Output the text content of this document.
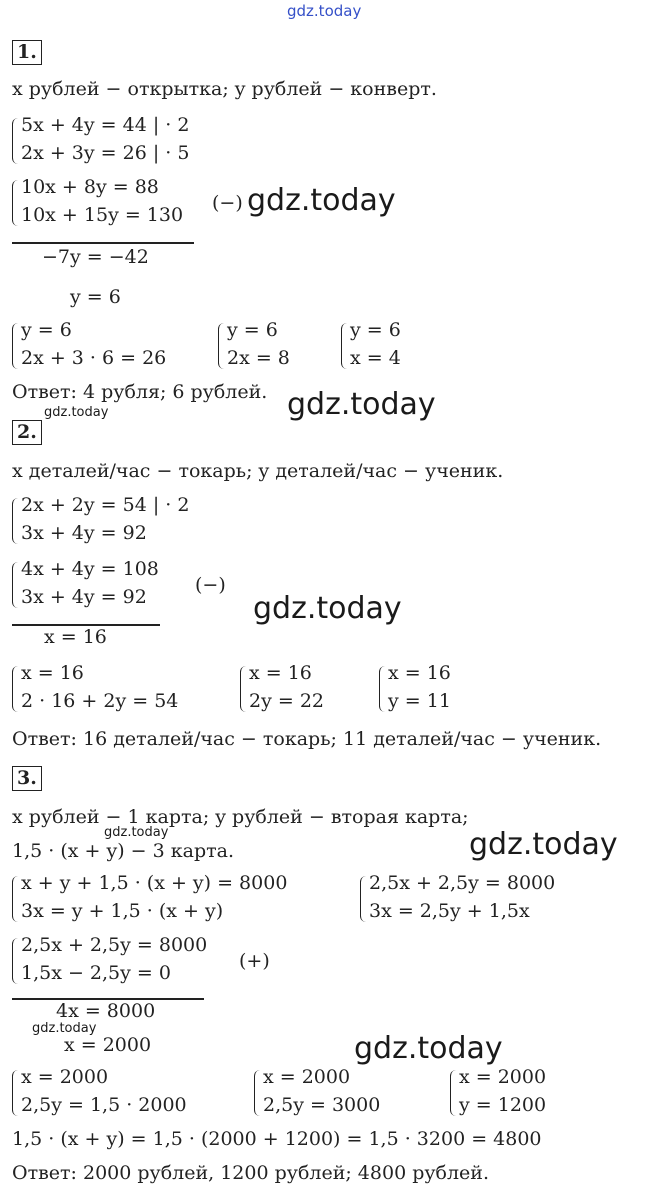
gdz.today
1.
x рублей − открытка; y рублей − конверт.
5x + 4y = 44 | · 2
2x + 3y = 26 | · 5
10x + 8y = 88
10x + 15y = 130
(−) gdz.today
−7y = −42
y = 6
y = 6
2x + 3 · 6 = 26
y = 6
2x = 8
y = 6
x = 4
Ответ: 4 рубля; 6 рублей. gdz.today
gdz.today
2.
x деталей/час − токарь; y деталей/час − ученик.
2x + 2y = 54 | · 2
3x + 4y = 92
4x + 4y = 108
3x + 4y = 92
(−)
gdz.today
x = 16
x = 16
2 · 16 + 2y = 54
x = 16
2y = 22
x = 16
y = 11
Ответ: 16 деталей/час − токарь; 11 деталей/час − ученик.
3.
x рублей − 1 карта; y рублей − вторая карта;
gdz.today
1,5 · (x + y) − 3 карта.	gdz.today
x + y + 1,5 · (x + y) = 8000
3x = y + 1,5 · (x + y)
2,5x + 2,5y = 8000
3x = 2,5y + 1,5x
2,5x + 2,5y = 8000
1,5x − 2,5y = 0
(+)
4x = 8000
gdz.today
x = 2000	gdz.today
x = 2000
2,5y = 1,5 · 2000
x = 2000
2,5y = 3000
x = 2000
y = 1200
1,5 · (x + y) = 1,5 · (2000 + 1200) = 1,5 · 3200 = 4800
Ответ: 2000 рублей, 1200 рублей; 4800 рублей.
